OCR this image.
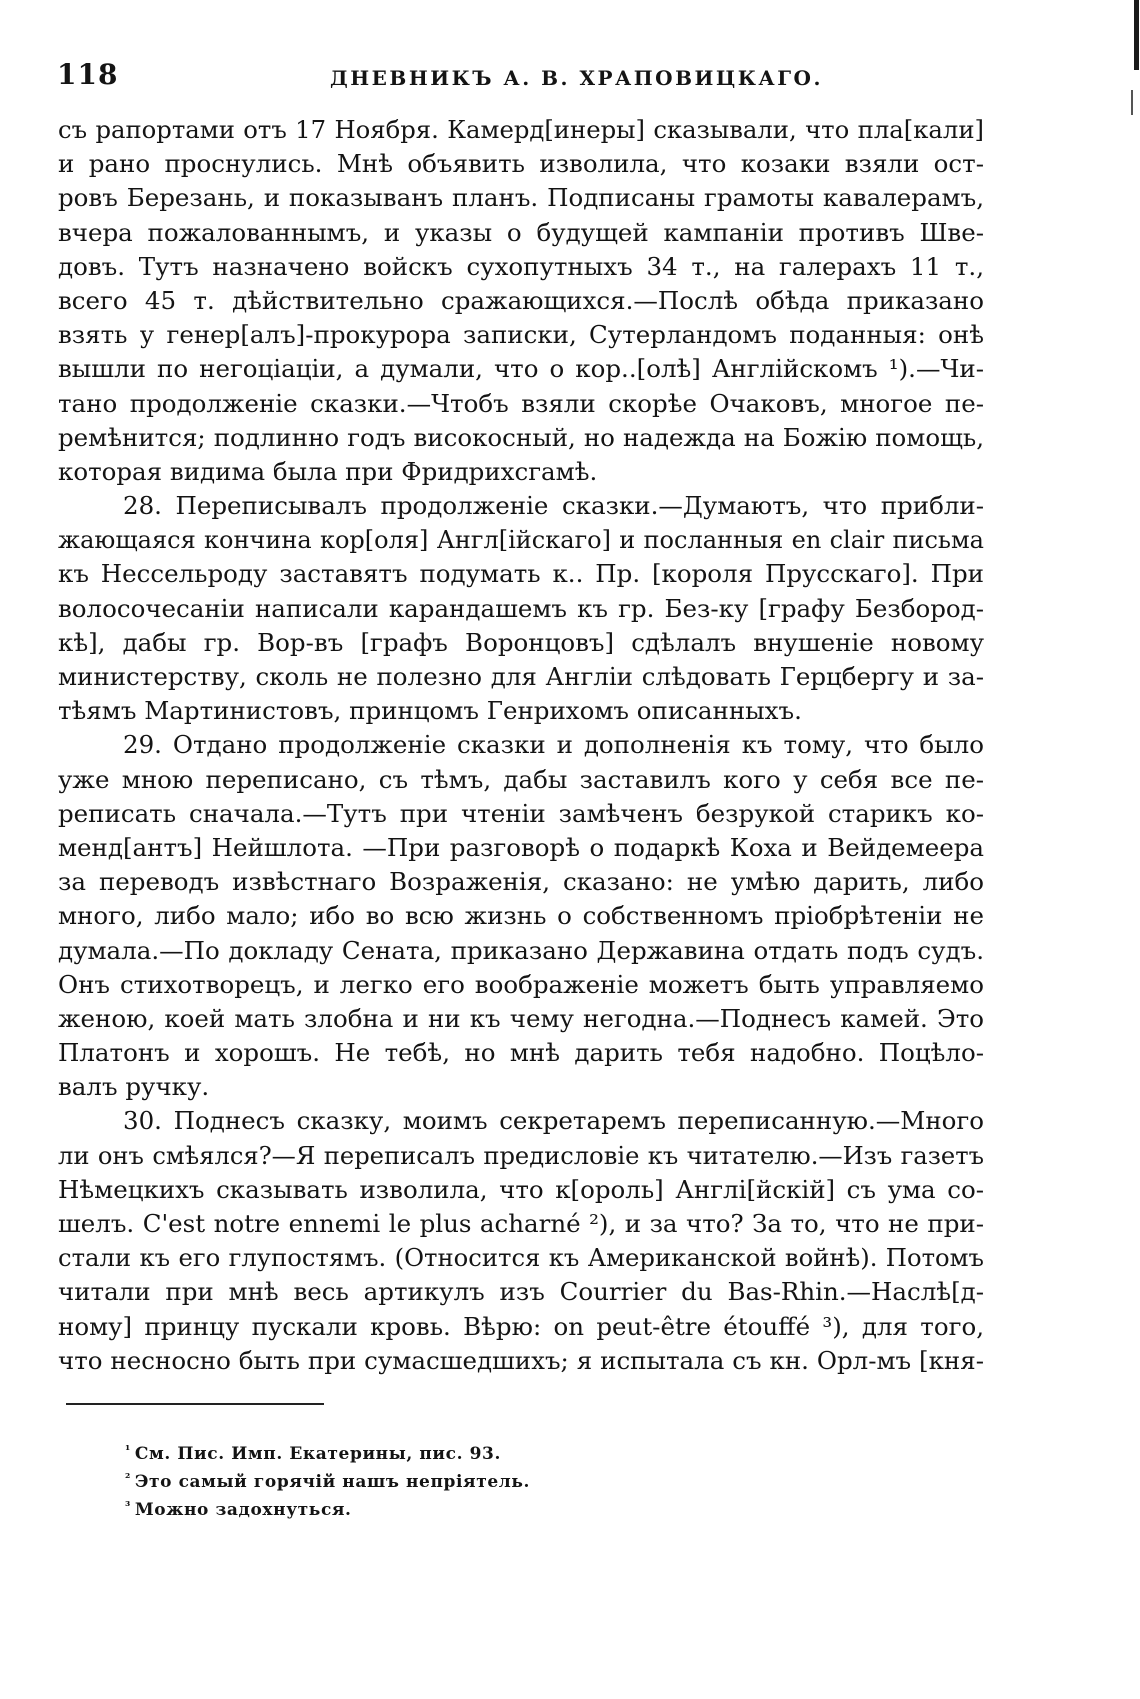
118	ДНЕВНИКЪ А. В. ХРАПОВИЦКАГО.
съ рапортами отъ 17 Ноября. Камерд[инеры] сказывали, что пла[кали]
и рано проснулись. Мнѣ объявить изволила, что козаки взяли ост-
ровъ Березань, и показыванъ планъ. Подписаны грамоты кавалерамъ,
вчера пожалованнымъ, и указы о будущей кампаніи противъ Шве-
довъ. Тутъ назначено войскъ сухопутныхъ 34 т., на галерахъ 11 т.,
всего 45 т. дѣйствительно сражающихся.—Послѣ обѣда приказано
взять у генер[алъ]-прокурора записки, Сутерландомъ поданныя: онѣ
вышли по негоціаціи, а думали, что о кор..[олѣ] Англійскомъ ¹).—Чи-
тано продолженіе сказки.—Чтобъ взяли скорѣе Очаковъ, многое пе-
ремѣнится; подлинно годъ високосный, но надежда на Божію помощь,
которая видима была при Фридрихсгамѣ.
28. Переписывалъ продолженіе сказки.—Думаютъ, что прибли-
жающаяся кончина кор[оля] Англ[ійскаго] и посланныя en clair письма
къ Нессельроду заставятъ подумать к.. Пр. [короля Прусскаго]. При
волосочесаніи написали карандашемъ къ гр. Без-ку [графу Безбород-
кѣ], дабы гр. Вор-въ [графъ Воронцовъ] сдѣлалъ внушеніе новому
министерству, сколь не полезно для Англіи слѣдовать Герцбергу и за-
тѣямъ Мартинистовъ, принцомъ Генрихомъ описанныхъ.
29. Отдано продолженіе сказки и дополненія къ тому, что было
уже мною переписано, съ тѣмъ, дабы заставилъ кого у себя все пе-
реписать сначала.—Тутъ при чтеніи замѣченъ безрукой старикъ ко-
менд[антъ] Нейшлота. —При разговорѣ о подаркѣ Коха и Вейдемеера
за переводъ извѣстнаго Возраженія, сказано: не умѣю дарить, либо
много, либо мало; ибо во всю жизнь о собственномъ пріобрѣтеніи не
думала.—По докладу Сената, приказано Державина отдать подъ судъ.
Онъ стихотворецъ, и легко его воображеніе можетъ быть управляемо
женою, коей мать злобна и ни къ чему негодна.—Поднесъ камей. Это
Платонъ и хорошъ. Не тебѣ, но мнѣ дарить тебя надобно. Поцѣло-
валъ ручку.
30. Поднесъ сказку, моимъ секретаремъ переписанную.—Много
ли онъ смѣялся?—Я переписалъ предисловіе къ читателю.—Изъ газетъ
Нѣмецкихъ сказывать изволила, что к[ороль] Англі[йскій] съ ума со-
шелъ. C'est notre ennemi le plus acharné ²), и за что? За то, что не при-
стали къ его глупостямъ. (Относится къ Американской войнѣ). Потомъ
читали при мнѣ весь артикулъ изъ Courrier du Bas-Rhin.—Наслѣ[д-
ному] принцу пускали кровь. Вѣрю: on peut-être étouffé ³), для того,
что несносно быть при сумасшедшихъ; я испытала съ кн. Орл-мъ [кня-
$^{^1}$ См. Пис. Имп. Екатерины, пис. 93.
$^{^2}$ Это самый горячій нашъ непріятель.
$^{^3}$ Можно задохнуться.
